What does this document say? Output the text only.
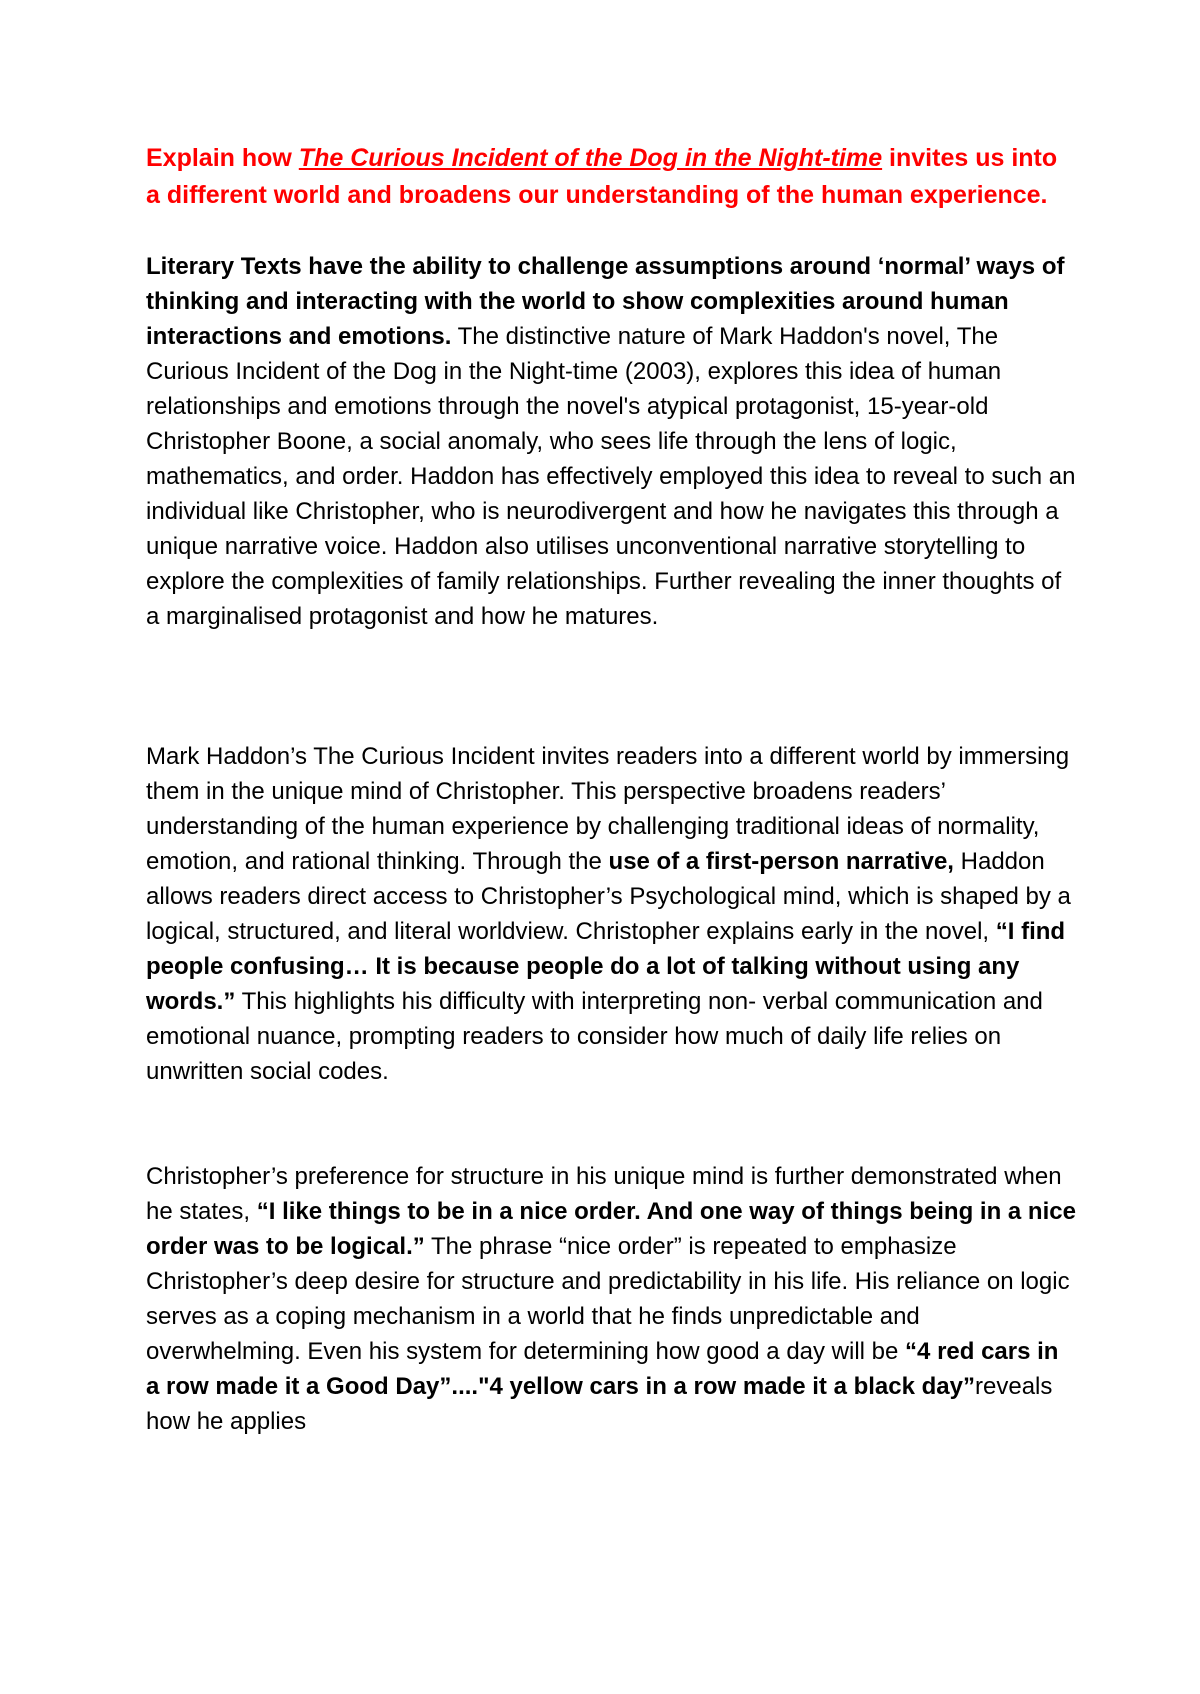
Explain how The Curious Incident of the Dog in the Night-time invites us into a different world and broadens our understanding of the human experience.

Literary Texts have the ability to challenge assumptions around ‘normal’ ways of thinking and interacting with the world to show complexities around human interactions and emotions. The distinctive nature of Mark Haddon's novel, The Curious Incident of the Dog in the Night-time (2003), explores this idea of human relationships and emotions through the novel's atypical protagonist, 15-year-old Christopher Boone, a social anomaly, who sees life through the lens of logic, mathematics, and order. Haddon has effectively employed this idea to reveal to such an individual like Christopher, who is neurodivergent and how he navigates this through a unique narrative voice. Haddon also utilises unconventional narrative storytelling to explore the complexities of family relationships. Further revealing the inner thoughts of a marginalised protagonist and how he matures.

Mark Haddon’s The Curious Incident invites readers into a different world by immersing them in the unique mind of Christopher. This perspective broadens readers’ understanding of the human experience by challenging traditional ideas of normality, emotion, and rational thinking. Through the use of a first-person narrative, Haddon allows readers direct access to Christopher’s Psychological mind, which is shaped by a logical, structured, and literal worldview. Christopher explains early in the novel, “I find people confusing… It is because people do a lot of talking without using any words.” This highlights his difficulty with interpreting non- verbal communication and emotional nuance, prompting readers to consider how much of daily life relies on unwritten social codes.

Christopher’s preference for structure in his unique mind is further demonstrated when he states, “I like things to be in a nice order. And one way of things being in a nice order was to be logical.” The phrase “nice order” is repeated to emphasize Christopher’s deep desire for structure and predictability in his life. His reliance on logic serves as a coping mechanism in a world that he finds unpredictable and overwhelming. Even his system for determining how good a day will be “4 red cars in a row made it a Good Day”...."4 yellow cars in a row made it a black day”reveals how he applies
